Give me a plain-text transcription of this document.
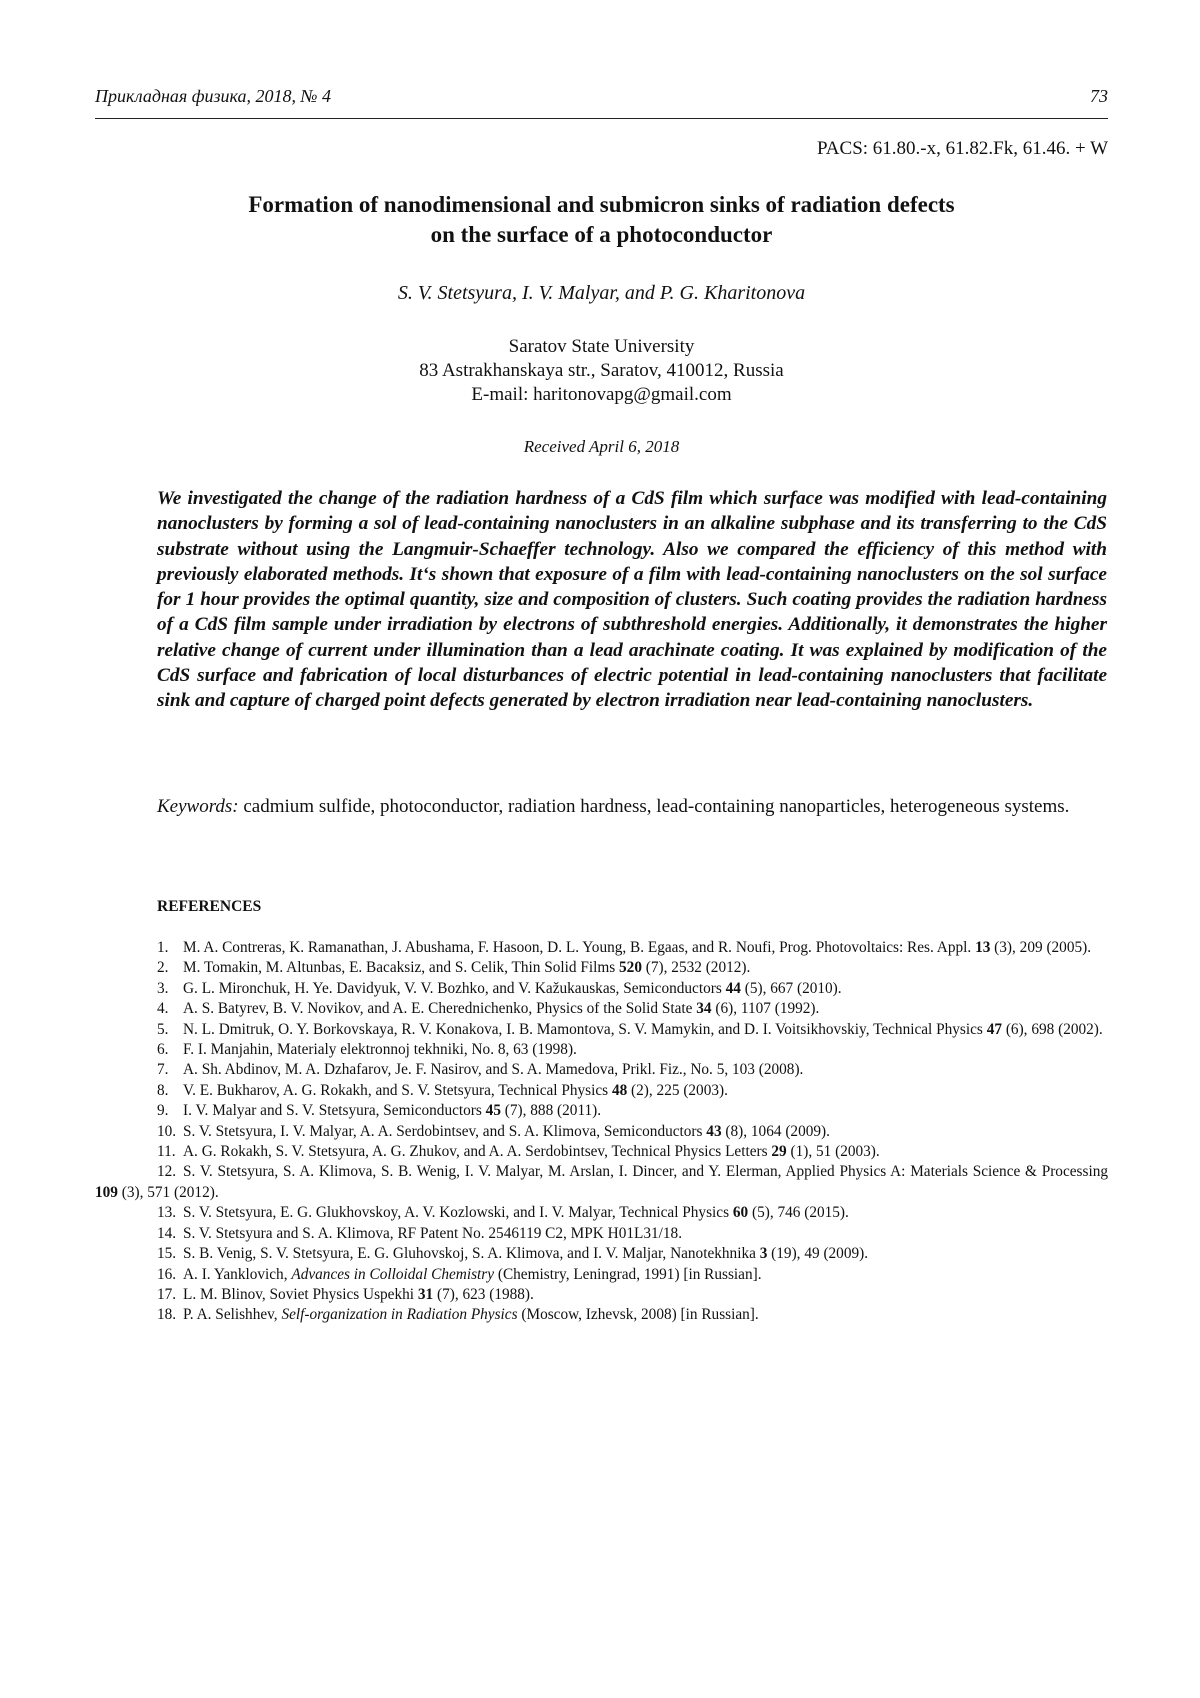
Прикладная физика, 2018, № 4	73
PACS: 61.80.-x, 61.82.Fk, 61.46. + W
Formation of nanodimensional and submicron sinks of radiation defects
on the surface of a photoconductor
S. V. Stetsyura, I. V. Malyar, and P. G. Kharitonova
Saratov State University
83 Astrakhanskaya str., Saratov, 410012, Russia
E-mail: haritonovapg@gmail.com
Received April 6, 2018
We investigated the change of the radiation hardness of a CdS film which surface was modified with lead-containing nanoclusters by forming a sol of lead-containing nanoclusters in an alkaline subphase and its transferring to the CdS substrate without using the Langmuir-Schaeffer technology. Also we compared the efficiency of this method with previously elaborated methods. It‘s shown that exposure of a film with lead-containing nanoclusters on the sol surface for 1 hour provides the optimal quantity, size and composition of clusters. Such coating provides the radiation hardness of a CdS film sample under irradiation by electrons of subthreshold energies. Additionally, it demonstrates the higher relative change of current under illumination than a lead arachinate coating. It was explained by modification of the CdS surface and fabrication of local disturbances of electric potential in lead-containing nanoclusters that facilitate sink and capture of charged point defects generated by electron irradiation near lead-containing nanoclusters.
Keywords: cadmium sulfide, photoconductor, radiation hardness, lead-containing nanoparticles, heterogeneous systems.
REFERENCES
1. M. A. Contreras, K. Ramanathan, J. Abushama, F. Hasoon, D. L. Young, B. Egaas, and R. Noufi, Prog. Photovoltaics: Res. Appl. 13 (3), 209 (2005).
2. M. Tomakin, M. Altunbas, E. Bacaksiz, and S. Celik, Thin Solid Films 520 (7), 2532 (2012).
3. G. L. Mironchuk, H. Ye. Davidyuk, V. V. Bozhko, and V. Kažukauskas, Semiconductors 44 (5), 667 (2010).
4. A. S. Batyrev, B. V. Novikov, and A. E. Cherednichenko, Physics of the Solid State 34 (6), 1107 (1992).
5. N. L. Dmitruk, O. Y. Borkovskaya, R. V. Konakova, I. B. Mamontova, S. V. Mamykin, and D. I. Voitsikhovskiy, Technical Physics 47 (6), 698 (2002).
6. F. I. Manjahin, Materialy elektronnoj tekhniki, No. 8, 63 (1998).
7. A. Sh. Abdinov, M. A. Dzhafarov, Je. F. Nasirov, and S. A. Mamedova, Prikl. Fiz., No. 5, 103 (2008).
8. V. E. Bukharov, A. G. Rokakh, and S. V. Stetsyura, Technical Physics 48 (2), 225 (2003).
9. I. V. Malyar and S. V. Stetsyura, Semiconductors 45 (7), 888 (2011).
10. S. V. Stetsyura, I. V. Malyar, A. A. Serdobintsev, and S. A. Klimova, Semiconductors 43 (8), 1064 (2009).
11. A. G. Rokakh, S. V. Stetsyura, A. G. Zhukov, and A. A. Serdobintsev, Technical Physics Letters 29 (1), 51 (2003).
12. S. V. Stetsyura, S. A. Klimova, S. B. Wenig, I. V. Malyar, M. Arslan, I. Dincer, and Y. Elerman, Applied Physics A: Materials Science & Processing 109 (3), 571 (2012).
13. S. V. Stetsyura, E. G. Glukhovskoy, A. V. Kozlowski, and I. V. Malyar, Technical Physics 60 (5), 746 (2015).
14. S. V. Stetsyura and S. A. Klimova, RF Patent No. 2546119 C2, MPK H01L31/18.
15. S. B. Venig, S. V. Stetsyura, E. G. Gluhovskoj, S. A. Klimova, and I. V. Maljar, Nanotekhnika 3 (19), 49 (2009).
16. A. I. Yanklovich, Advances in Colloidal Chemistry (Chemistry, Leningrad, 1991) [in Russian].
17. L. M. Blinov, Soviet Physics Uspekhi 31 (7), 623 (1988).
18. P. A. Selishhev, Self-organization in Radiation Physics (Moscow, Izhevsk, 2008) [in Russian].
